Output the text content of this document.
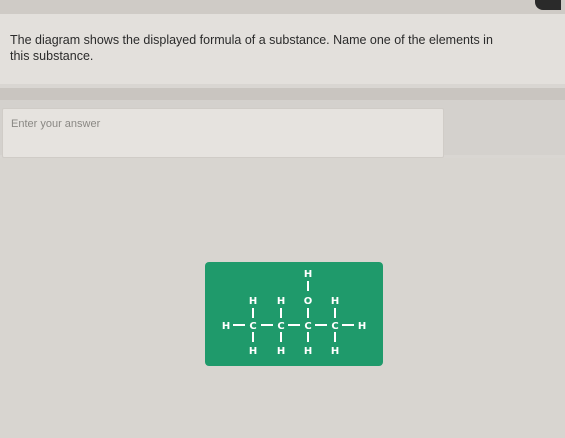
The diagram shows the displayed formula of a substance. Name one of the elements in this substance.
Enter your answer
H
H H O H
H C C C C H
H H H H
